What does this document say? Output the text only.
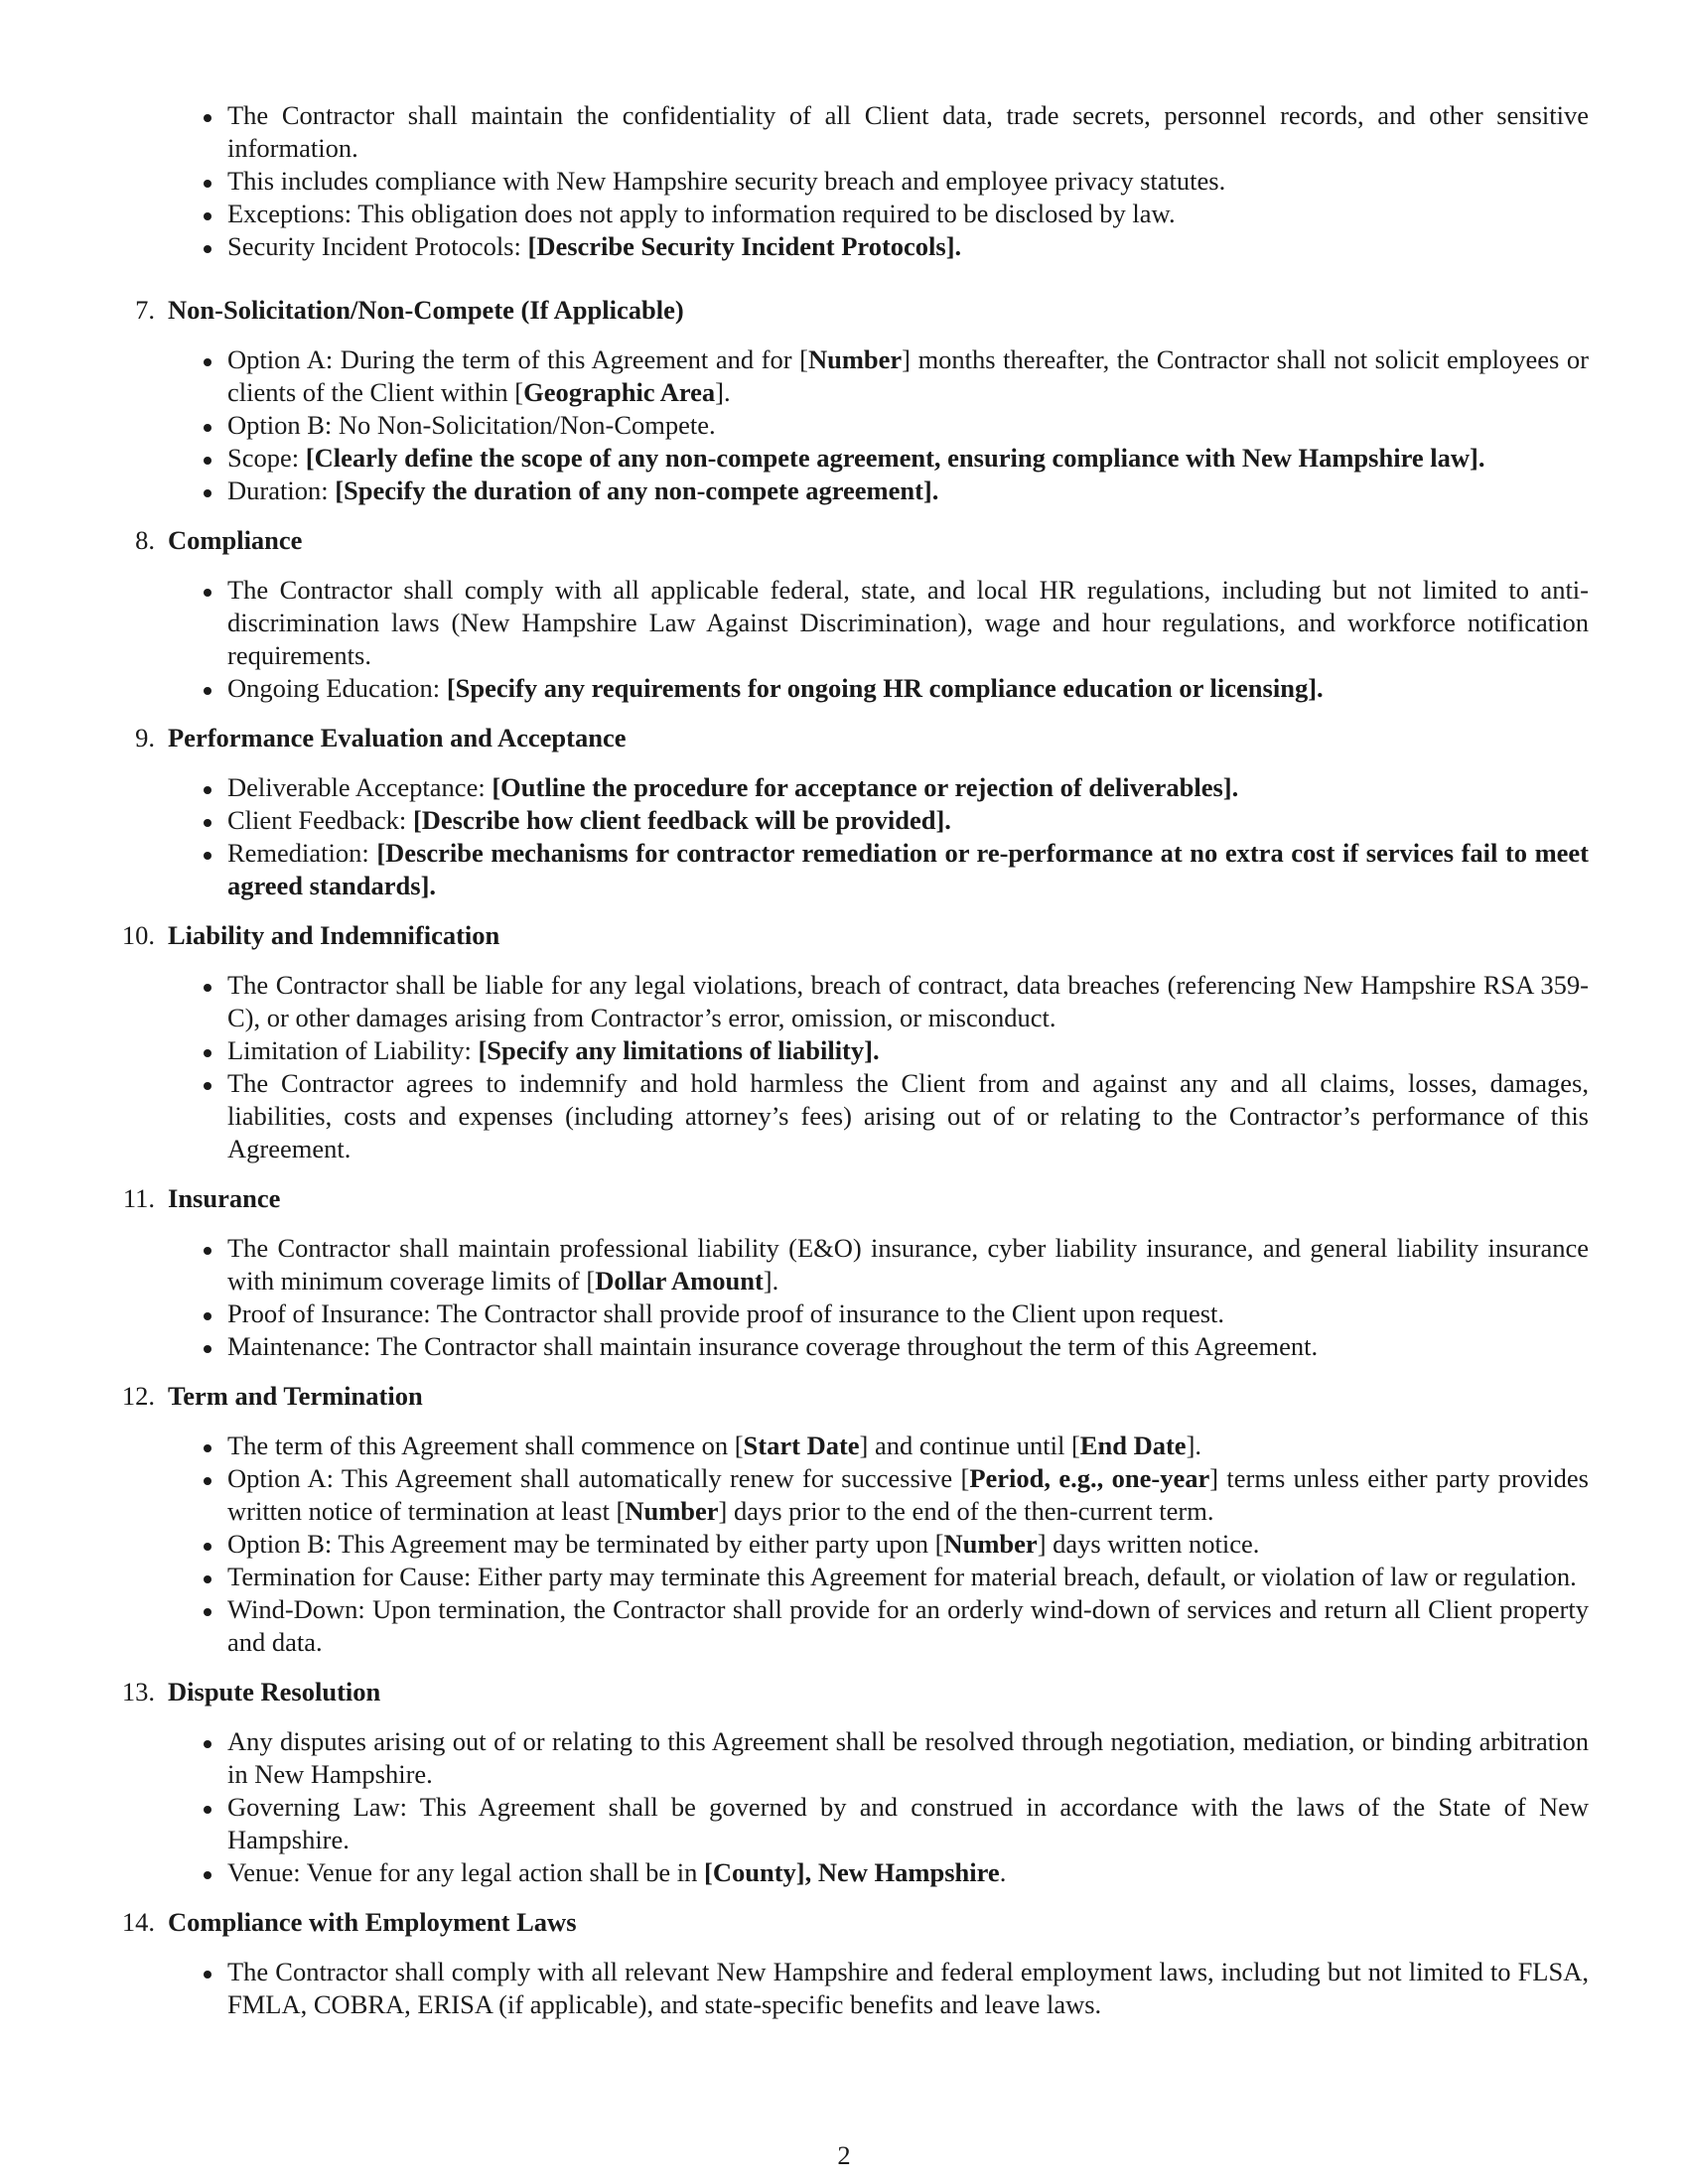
The Contractor shall maintain the confidentiality of all Client data, trade secrets, personnel records, and other sensitive information.
This includes compliance with New Hampshire security breach and employee privacy statutes.
Exceptions: This obligation does not apply to information required to be disclosed by law.
Security Incident Protocols: [Describe Security Incident Protocols].
7. Non-Solicitation/Non-Compete (If Applicable)
Option A: During the term of this Agreement and for [Number] months thereafter, the Contractor shall not solicit employees or clients of the Client within [Geographic Area].
Option B: No Non-Solicitation/Non-Compete.
Scope: [Clearly define the scope of any non-compete agreement, ensuring compliance with New Hampshire law].
Duration: [Specify the duration of any non-compete agreement].
8. Compliance
The Contractor shall comply with all applicable federal, state, and local HR regulations, including but not limited to anti-discrimination laws (New Hampshire Law Against Discrimination), wage and hour regulations, and workforce notification requirements.
Ongoing Education: [Specify any requirements for ongoing HR compliance education or licensing].
9. Performance Evaluation and Acceptance
Deliverable Acceptance: [Outline the procedure for acceptance or rejection of deliverables].
Client Feedback: [Describe how client feedback will be provided].
Remediation: [Describe mechanisms for contractor remediation or re-performance at no extra cost if services fail to meet agreed standards].
10. Liability and Indemnification
The Contractor shall be liable for any legal violations, breach of contract, data breaches (referencing New Hampshire RSA 359-C), or other damages arising from Contractor’s error, omission, or misconduct.
Limitation of Liability: [Specify any limitations of liability].
The Contractor agrees to indemnify and hold harmless the Client from and against any and all claims, losses, damages, liabilities, costs and expenses (including attorney’s fees) arising out of or relating to the Contractor’s performance of this Agreement.
11. Insurance
The Contractor shall maintain professional liability (E&O) insurance, cyber liability insurance, and general liability insurance with minimum coverage limits of [Dollar Amount].
Proof of Insurance: The Contractor shall provide proof of insurance to the Client upon request.
Maintenance: The Contractor shall maintain insurance coverage throughout the term of this Agreement.
12. Term and Termination
The term of this Agreement shall commence on [Start Date] and continue until [End Date].
Option A: This Agreement shall automatically renew for successive [Period, e.g., one-year] terms unless either party provides written notice of termination at least [Number] days prior to the end of the then-current term.
Option B: This Agreement may be terminated by either party upon [Number] days written notice.
Termination for Cause: Either party may terminate this Agreement for material breach, default, or violation of law or regulation.
Wind-Down: Upon termination, the Contractor shall provide for an orderly wind-down of services and return all Client property and data.
13. Dispute Resolution
Any disputes arising out of or relating to this Agreement shall be resolved through negotiation, mediation, or binding arbitration in New Hampshire.
Governing Law: This Agreement shall be governed by and construed in accordance with the laws of the State of New Hampshire.
Venue: Venue for any legal action shall be in [County], New Hampshire.
14. Compliance with Employment Laws
The Contractor shall comply with all relevant New Hampshire and federal employment laws, including but not limited to FLSA, FMLA, COBRA, ERISA (if applicable), and state-specific benefits and leave laws.
2
